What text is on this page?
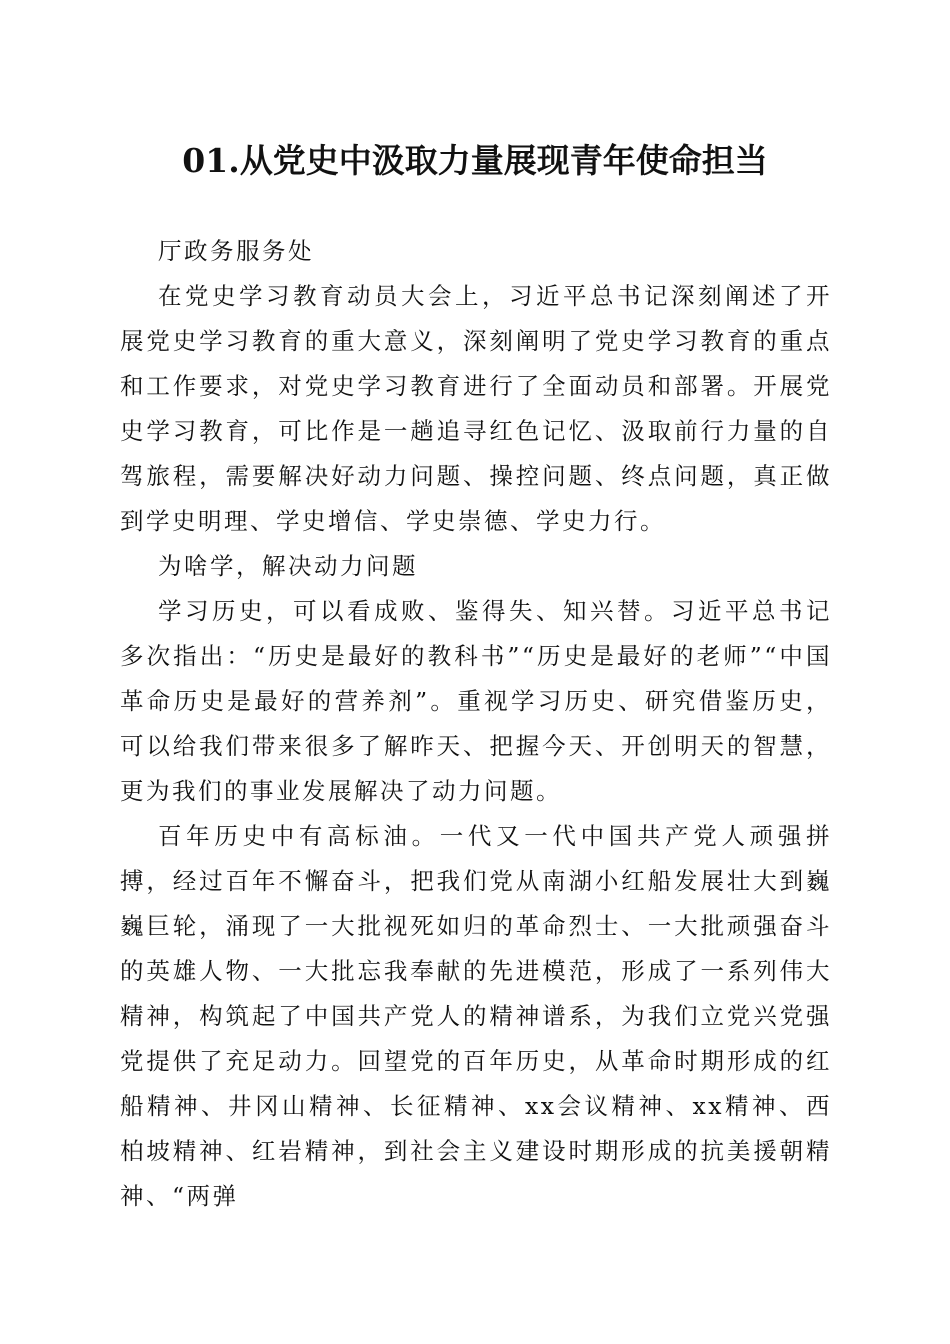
01.从党史中汲取力量展现青年使命担当

厅政务服务处

在党史学习教育动员大会上，习近平总书记深刻阐述了开展党史学习教育的重大意义，深刻阐明了党史学习教育的重点和工作要求，对党史学习教育进行了全面动员和部署。开展党史学习教育，可比作是一趟追寻红色记忆、汲取前行力量的自驾旅程，需要解决好动力问题、操控问题、终点问题，真正做到学史明理、学史增信、学史崇德、学史力行。

为啥学，解决动力问题

学习历史，可以看成败、鉴得失、知兴替。习近平总书记多次指出：“历史是最好的教科书”“历史是最好的老师”“中国革命历史是最好的营养剂”。重视学习历史、研究借鉴历史，可以给我们带来很多了解昨天、把握今天、开创明天的智慧，更为我们的事业发展解决了动力问题。

百年历史中有高标油。一代又一代中国共产党人顽强拼搏，经过百年不懈奋斗，把我们党从南湖小红船发展壮大到巍巍巨轮，涌现了一大批视死如归的革命烈士、一大批顽强奋斗的英雄人物、一大批忘我奉献的先进模范，形成了一系列伟大精神，构筑起了中国共产党人的精神谱系，为我们立党兴党强党提供了充足动力。回望党的百年历史，从革命时期形成的红船精神、井冈山精神、长征精神、xx会议精神、xx精神、西柏坡精神、红岩精神，到社会主义建设时期形成的抗美援朝精神、“两弹
